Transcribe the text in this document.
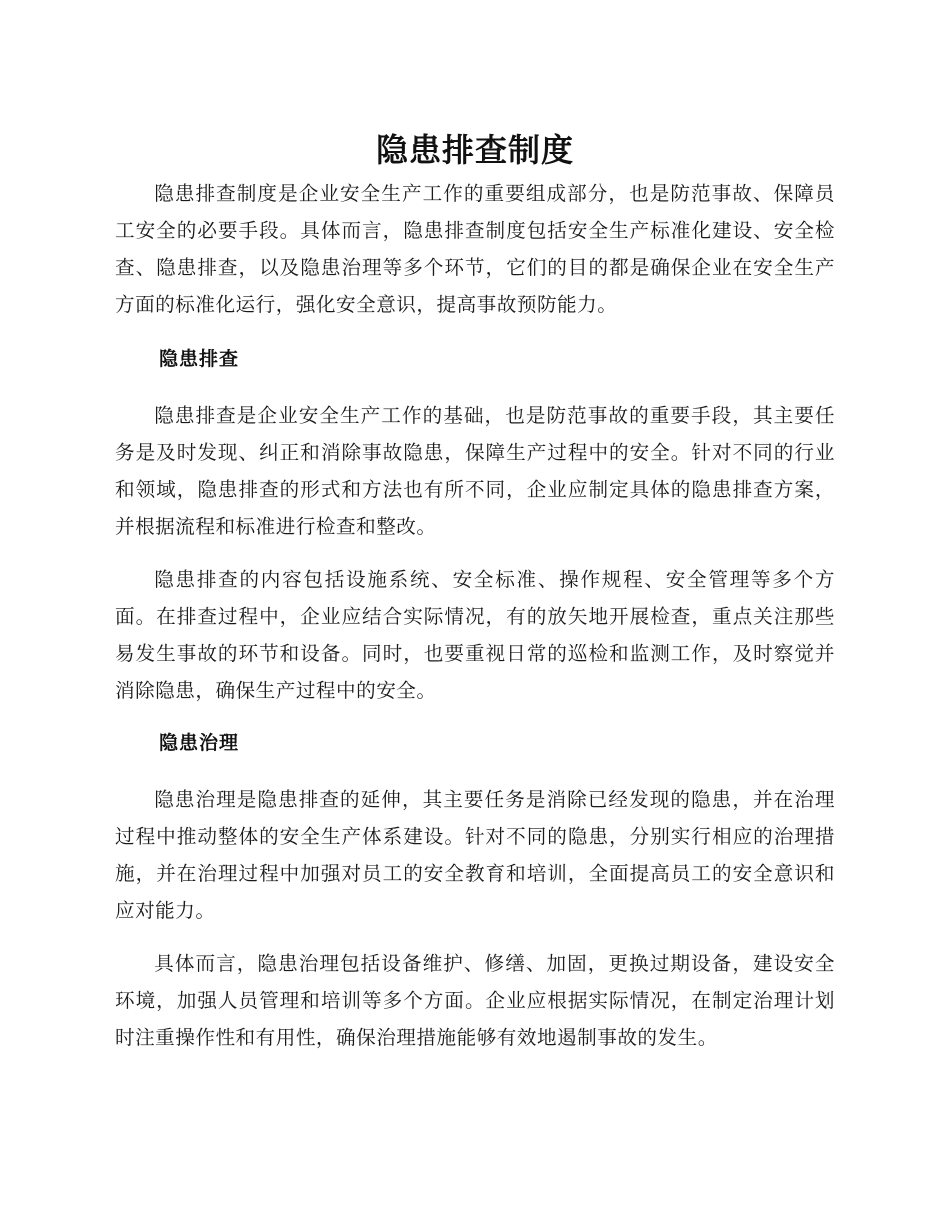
隐患排查制度

隐患排查制度是企业安全生产工作的重要组成部分，也是防范事故、保障员工安全的必要手段。具体而言，隐患排查制度包括安全生产标准化建设、安全检查、隐患排查，以及隐患治理等多个环节，它们的目的都是确保企业在安全生产方面的标准化运行，强化安全意识，提高事故预防能力。

隐患排查

隐患排查是企业安全生产工作的基础，也是防范事故的重要手段，其主要任务是及时发现、纠正和消除事故隐患，保障生产过程中的安全。针对不同的行业和领域，隐患排查的形式和方法也有所不同，企业应制定具体的隐患排查方案，并根据流程和标准进行检查和整改。

隐患排查的内容包括设施系统、安全标准、操作规程、安全管理等多个方面。在排查过程中，企业应结合实际情况，有的放矢地开展检查，重点关注那些易发生事故的环节和设备。同时，也要重视日常的巡检和监测工作，及时察觉并消除隐患，确保生产过程中的安全。

隐患治理

隐患治理是隐患排查的延伸，其主要任务是消除已经发现的隐患，并在治理过程中推动整体的安全生产体系建设。针对不同的隐患，分别实行相应的治理措施，并在治理过程中加强对员工的安全教育和培训，全面提高员工的安全意识和应对能力。

具体而言，隐患治理包括设备维护、修缮、加固，更换过期设备，建设安全环境，加强人员管理和培训等多个方面。企业应根据实际情况，在制定治理计划时注重操作性和有用性，确保治理措施能够有效地遏制事故的发生。
